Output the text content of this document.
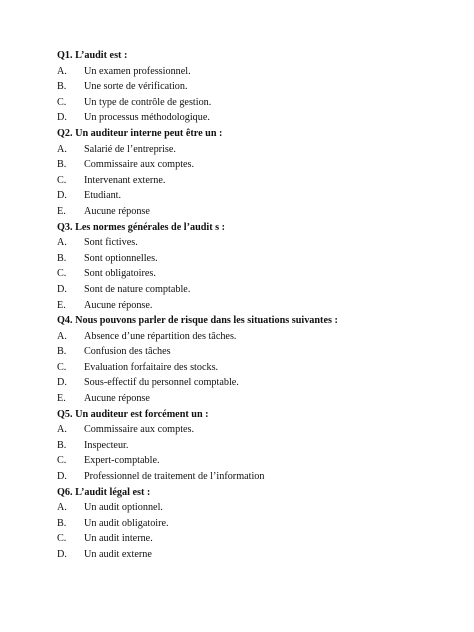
Q1. L’audit est :
A.	Un examen professionnel.
B.	Une sorte de vérification.
C.	Un type de contrôle de gestion.
D.	Un processus méthodologique.
Q2. Un auditeur interne peut être un :
A.	Salarié de l’entreprise.
B.	Commissaire aux comptes.
C.	Intervenant externe.
D.	Etudiant.
E.	Aucune réponse
Q3. Les normes générales de l’audit s :
A.	Sont fictives.
B.	Sont optionnelles.
C.	Sont obligatoires.
D.	Sont de nature comptable.
E.	Aucune réponse.
Q4. Nous pouvons parler de risque dans les situations suivantes :
A.	Absence d’une répartition des tâches.
B.	Confusion des tâches
C.	Evaluation forfaitaire des stocks.
D.	Sous-effectif du personnel comptable.
E.	Aucune réponse
Q5. Un auditeur est forcément un :
A.	Commissaire aux comptes.
B.	Inspecteur.
C.	Expert-comptable.
D.	Professionnel de traitement de l’information
Q6. L’audit légal est :
A.	Un audit optionnel.
B.	Un audit obligatoire.
C.	Un audit interne.
D.	Un audit externe
